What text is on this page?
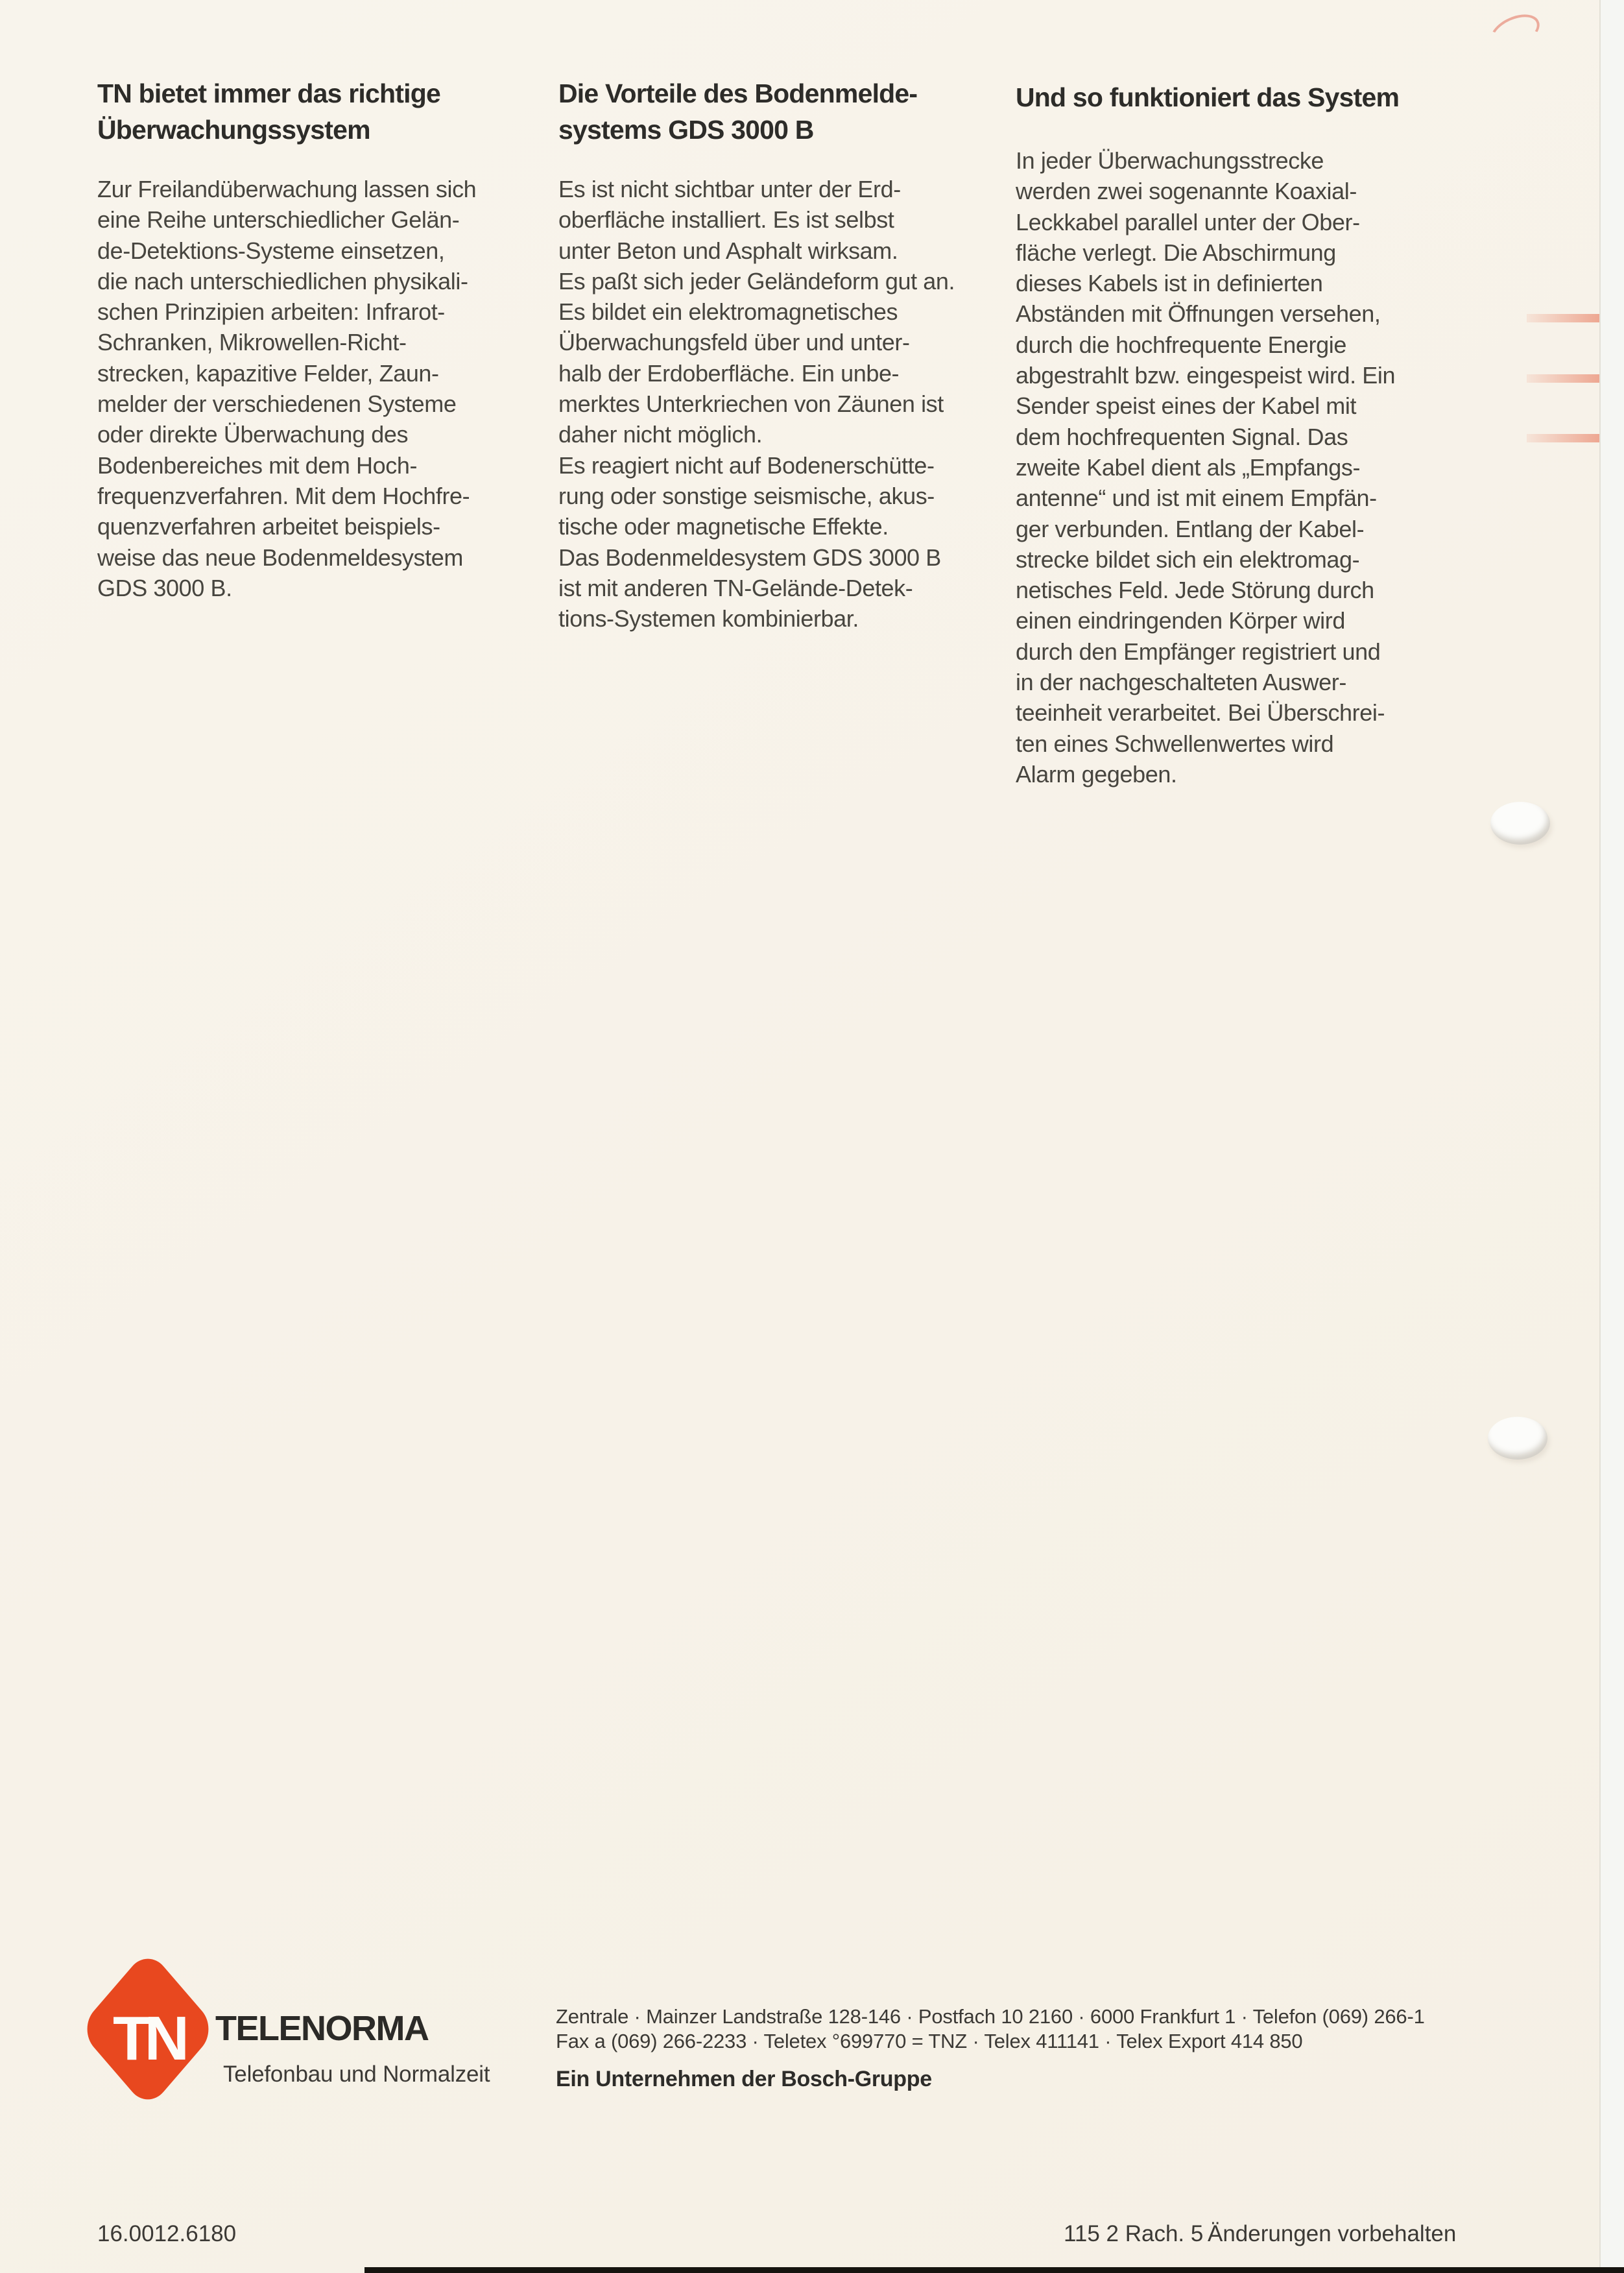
TN bietet immer das richtige
Überwachungssystem

Zur Freilandüberwachung lassen sich
eine Reihe unterschiedlicher Gelän-
de-Detektions-Systeme einsetzen,
die nach unterschiedlichen physikali-
schen Prinzipien arbeiten: Infrarot-
Schranken, Mikrowellen-Richt-
strecken, kapazitive Felder, Zaun-
melder der verschiedenen Systeme
oder direkte Überwachung des
Bodenbereiches mit dem Hoch-
frequenzverfahren. Mit dem Hochfre-
quenzverfahren arbeitet beispiels-
weise das neue Bodenmeldesystem
GDS 3000 B.

Die Vorteile des Bodenmelde-
systems GDS 3000 B

Es ist nicht sichtbar unter der Erd-
oberfläche installiert. Es ist selbst
unter Beton und Asphalt wirksam.
Es paßt sich jeder Geländeform gut an.
Es bildet ein elektromagnetisches
Überwachungsfeld über und unter-
halb der Erdoberfläche. Ein unbe-
merktes Unterkriechen von Zäunen ist
daher nicht möglich.
Es reagiert nicht auf Bodenerschütte-
rung oder sonstige seismische, akus-
tische oder magnetische Effekte.
Das Bodenmeldesystem GDS 3000 B
ist mit anderen TN-Gelände-Detek-
tions-Systemen kombinierbar.

Und so funktioniert das System

In jeder Überwachungsstrecke
werden zwei sogenannte Koaxial-
Leckkabel parallel unter der Ober-
fläche verlegt. Die Abschirmung
dieses Kabels ist in definierten
Abständen mit Öffnungen versehen,
durch die hochfrequente Energie
abgestrahlt bzw. eingespeist wird. Ein
Sender speist eines der Kabel mit
dem hochfrequenten Signal. Das
zweite Kabel dient als „Empfangs-
antenne“ und ist mit einem Empfän-
ger verbunden. Entlang der Kabel-
strecke bildet sich ein elektromag-
netisches Feld. Jede Störung durch
einen eindringenden Körper wird
durch den Empfänger registriert und
in der nachgeschalteten Auswer-
teeinheit verarbeitet. Bei Überschrei-
ten eines Schwellenwertes wird
Alarm gegeben.

TN TELENORMA
Telefonbau und Normalzeit

Zentrale · Mainzer Landstraße 128-146 · Postfach 10 2160 · 6000 Frankfurt 1 · Telefon (069) 266-1

Fax a (069) 266-2233 · Teletex °699770 = TNZ · Telex 411141 · Telex Export 414 850

Ein Unternehmen der Bosch-Gruppe

16.0012.6180	115 2 Rach. 5 Änderungen vorbehalten
